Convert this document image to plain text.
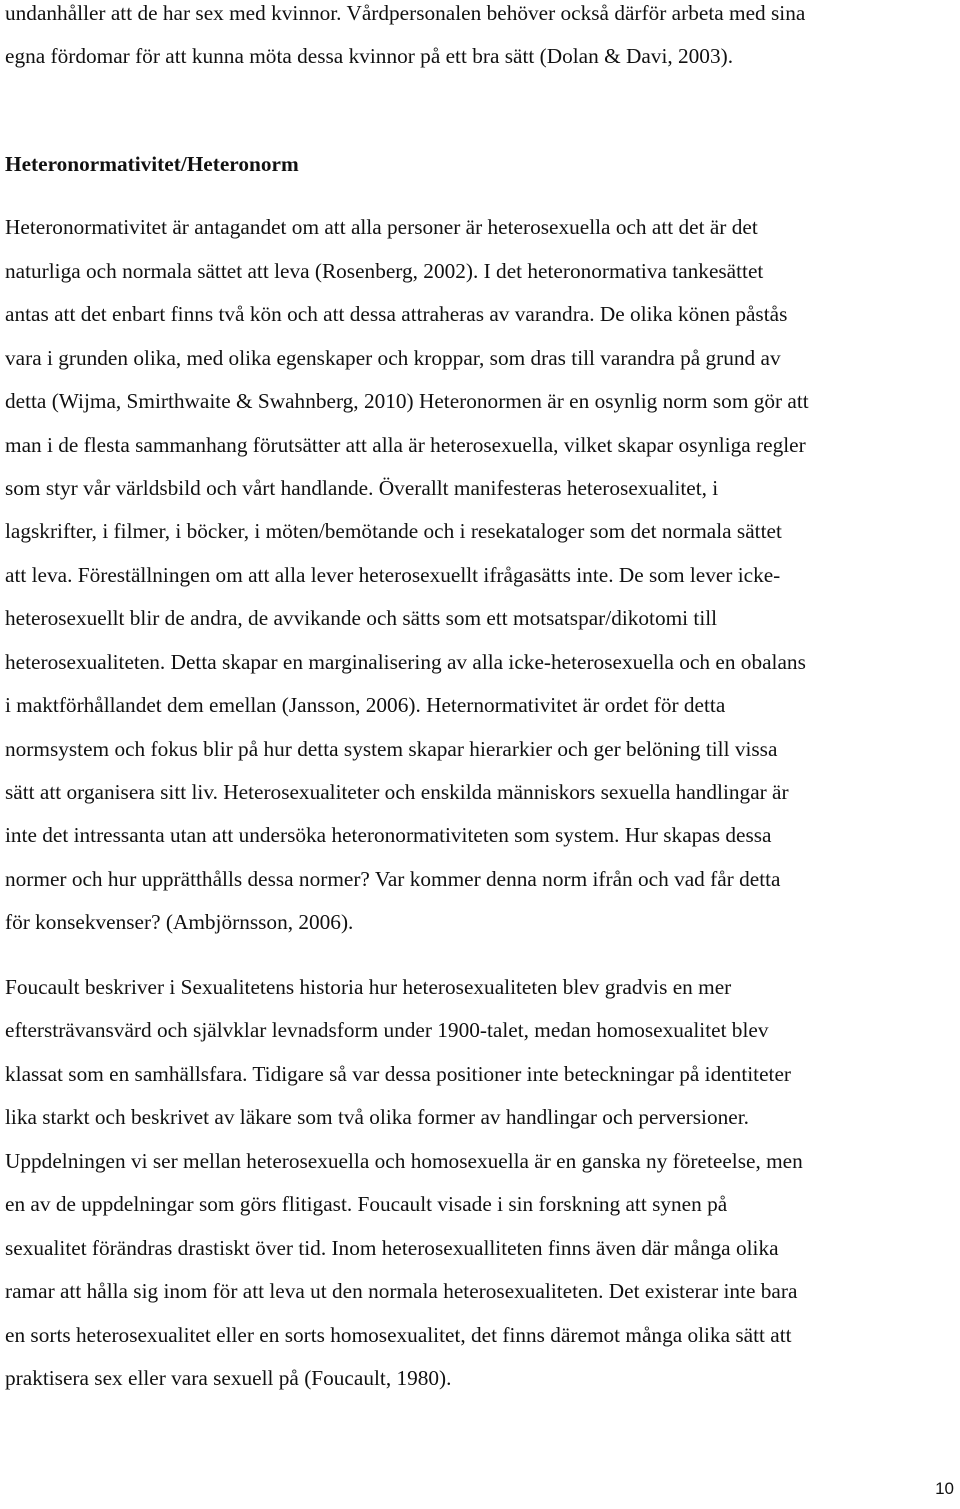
undanhåller att de har sex med kvinnor. Vårdpersonalen behöver också därför arbeta med sina
egna fördomar för att kunna möta dessa kvinnor på ett bra sätt (Dolan & Davi, 2003).
Heteronormativitet/Heteronorm
Heteronormativitet är antagandet om att alla personer är heterosexuella och att det är det
naturliga och normala sättet att leva (Rosenberg, 2002). I det heteronormativa tankesättet
antas att det enbart finns två kön och att dessa attraheras av varandra. De olika könen påstås
vara i grunden olika, med olika egenskaper och kroppar, som dras till varandra på grund av
detta (Wijma, Smirthwaite & Swahnberg, 2010) Heteronormen är en osynlig norm som gör att
man i de flesta sammanhang förutsätter att alla är heterosexuella, vilket skapar osynliga regler
som styr vår världsbild och vårt handlande. Överallt manifesteras heterosexualitet, i
lagskrifter, i filmer, i böcker, i möten/bemötande och i resekataloger som det normala sättet
att leva. Föreställningen om att alla lever heterosexuellt ifrågasätts inte. De som lever icke-
heterosexuellt blir de andra, de avvikande och sätts som ett motsatspar/dikotomi till
heterosexualiteten. Detta skapar en marginalisering av alla icke-heterosexuella och en obalans
i maktförhållandet dem emellan (Jansson, 2006). Heternormativitet är ordet för detta
normsystem och fokus blir på hur detta system skapar hierarkier och ger belöning till vissa
sätt att organisera sitt liv. Heterosexualiteter och enskilda människors sexuella handlingar är
inte det intressanta utan att undersöka heteronormativiteten som system. Hur skapas dessa
normer och hur upprätthålls dessa normer? Var kommer denna norm ifrån och vad får detta
för konsekvenser? (Ambjörnsson, 2006).
Foucault beskriver i Sexualitetens historia hur heterosexualiteten blev gradvis en mer
eftersträvansvärd och självklar levnadsform under 1900-talet, medan homosexualitet blev
klassat som en samhällsfara. Tidigare så var dessa positioner inte beteckningar på identiteter
lika starkt och beskrivet av läkare som två olika former av handlingar och perversioner.
Uppdelningen vi ser mellan heterosexuella och homosexuella är en ganska ny företeelse, men
en av de uppdelningar som görs flitigast. Foucault visade i sin forskning att synen på
sexualitet förändras drastiskt över tid. Inom heterosexualliteten finns även där många olika
ramar att hålla sig inom för att leva ut den normala heterosexualiteten. Det existerar inte bara
en sorts heterosexualitet eller en sorts homosexualitet, det finns däremot många olika sätt att
praktisera sex eller vara sexuell på (Foucault, 1980).
10
